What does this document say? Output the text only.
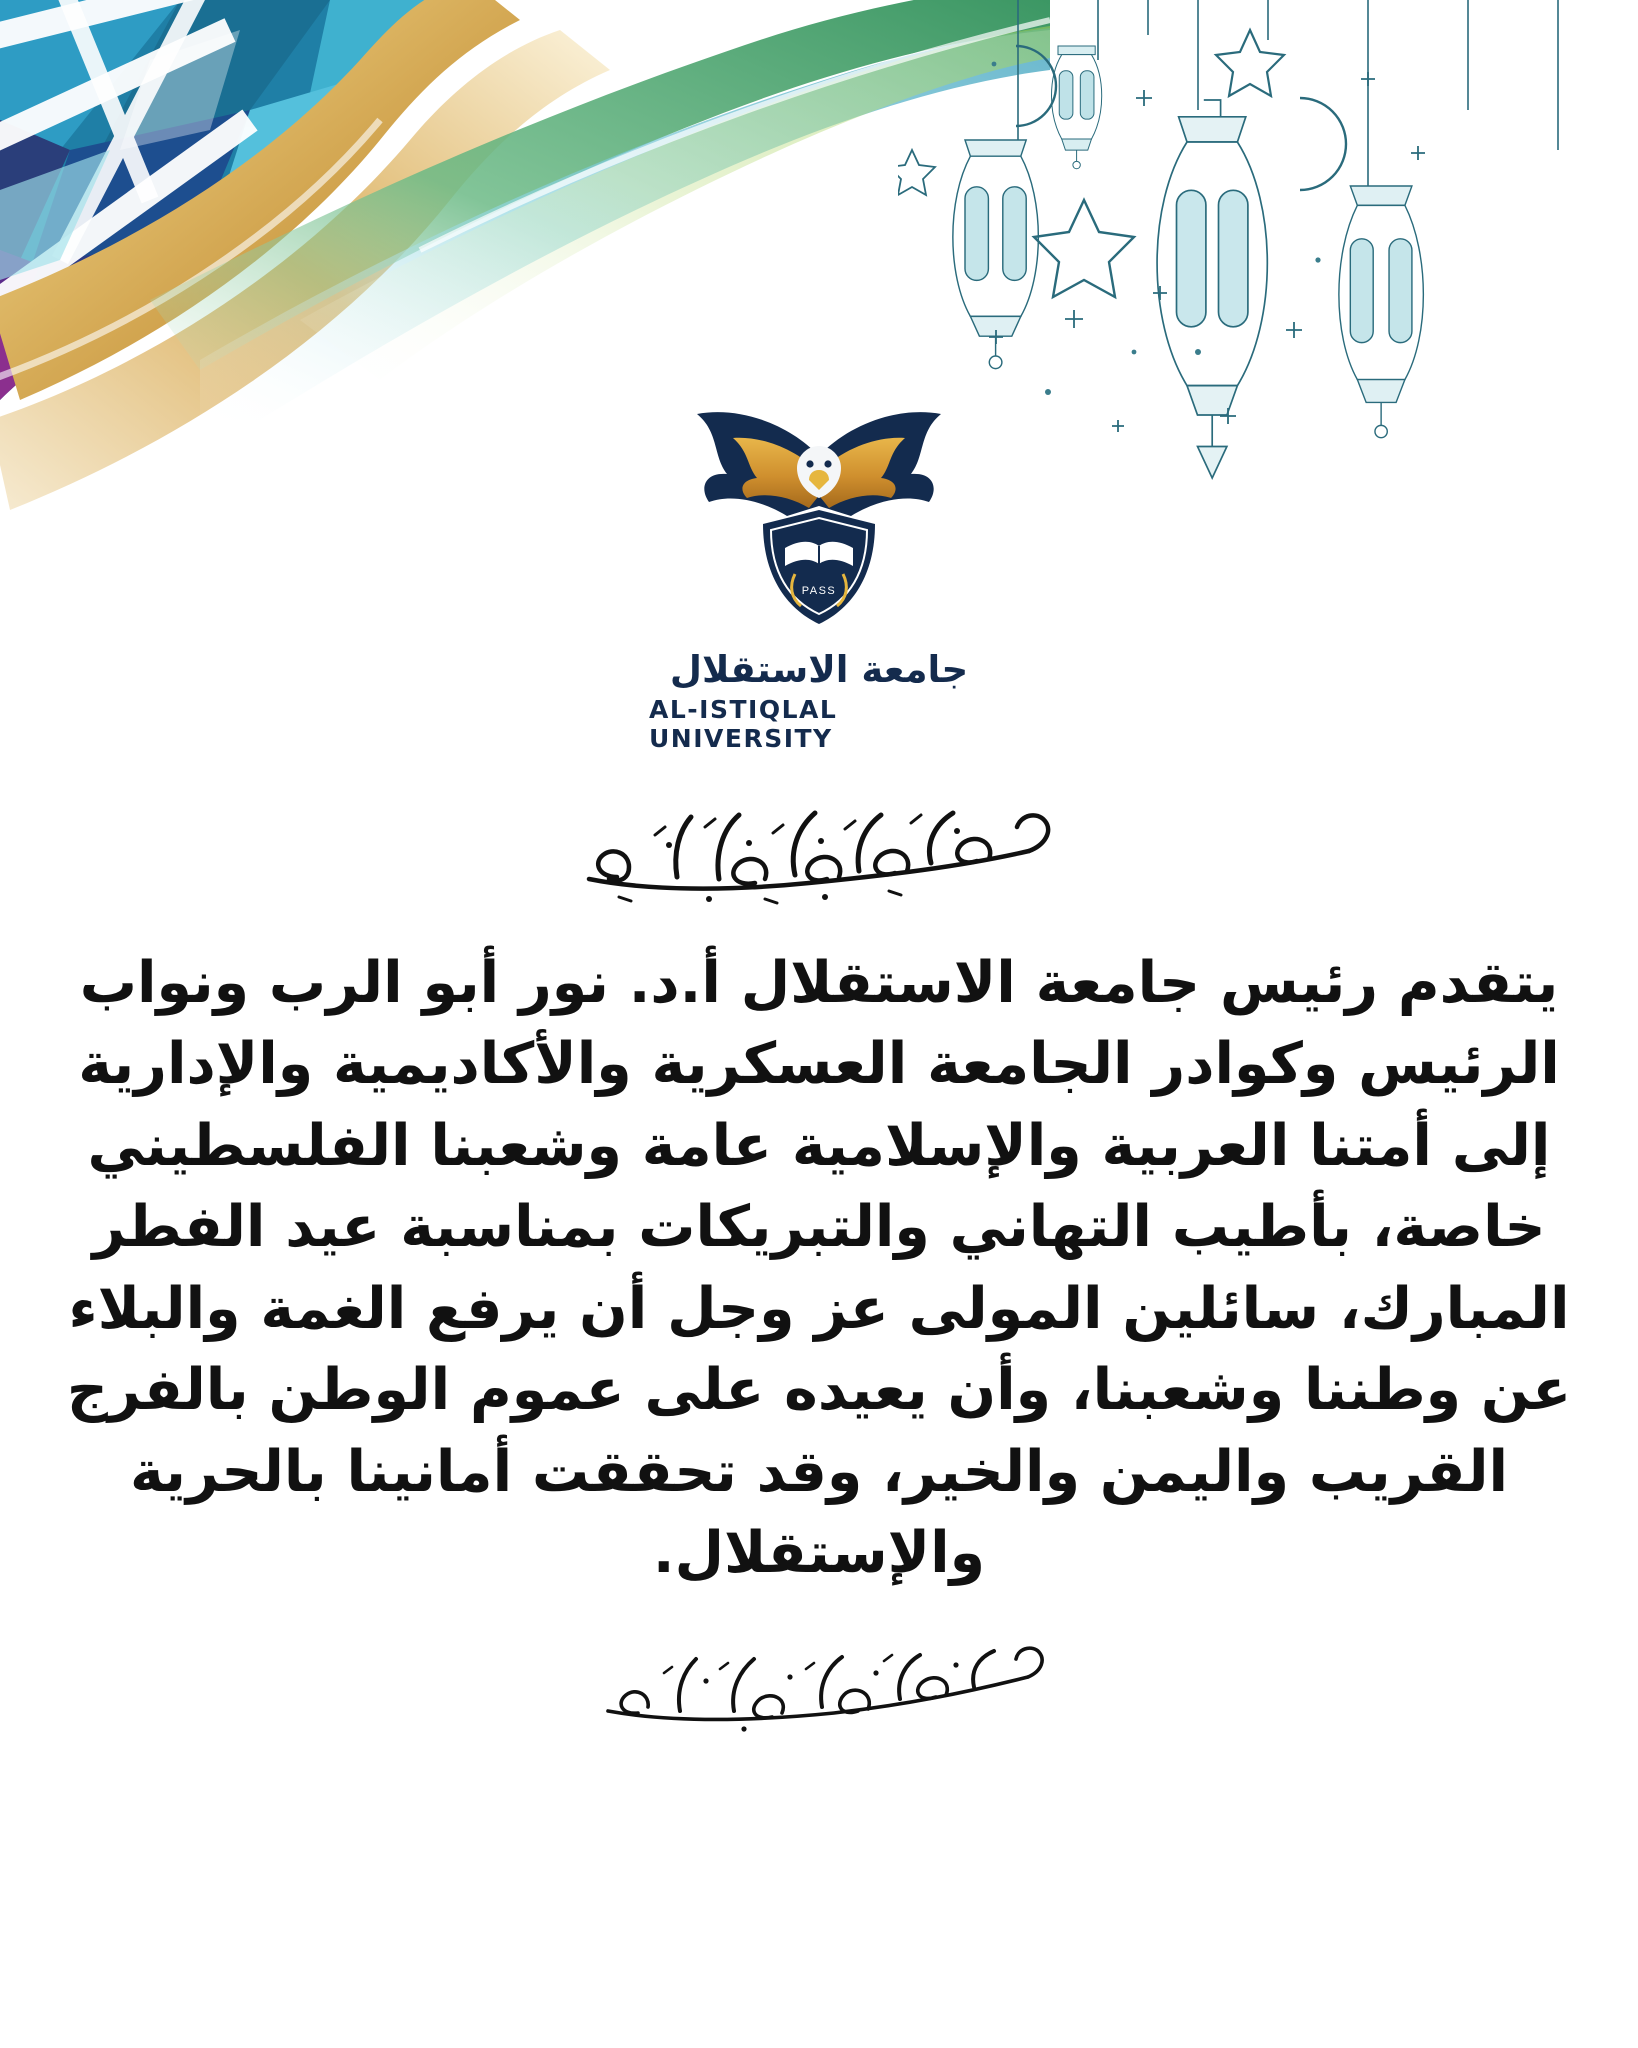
PASS
جامعة الاستقلال
AL-ISTIQLAL UNIVERSITY

يتقدم رئيس جامعة الاستقلال أ.د. نور أبو الرب ونواب الرئيس وكوادر الجامعة العسكرية والأكاديمية والإدارية إلى أمتنا العربية والإسلامية عامة وشعبنا الفلسطيني خاصة، بأطيب التهاني والتبريكات بمناسبة عيد الفطر المبارك، سائلين المولى عز وجل أن يرفع الغمة والبلاء عن وطننا وشعبنا، وأن يعيده على عموم الوطن بالفرج القريب واليمن والخير، وقد تحققت أمانينا بالحرية والإستقلال.
